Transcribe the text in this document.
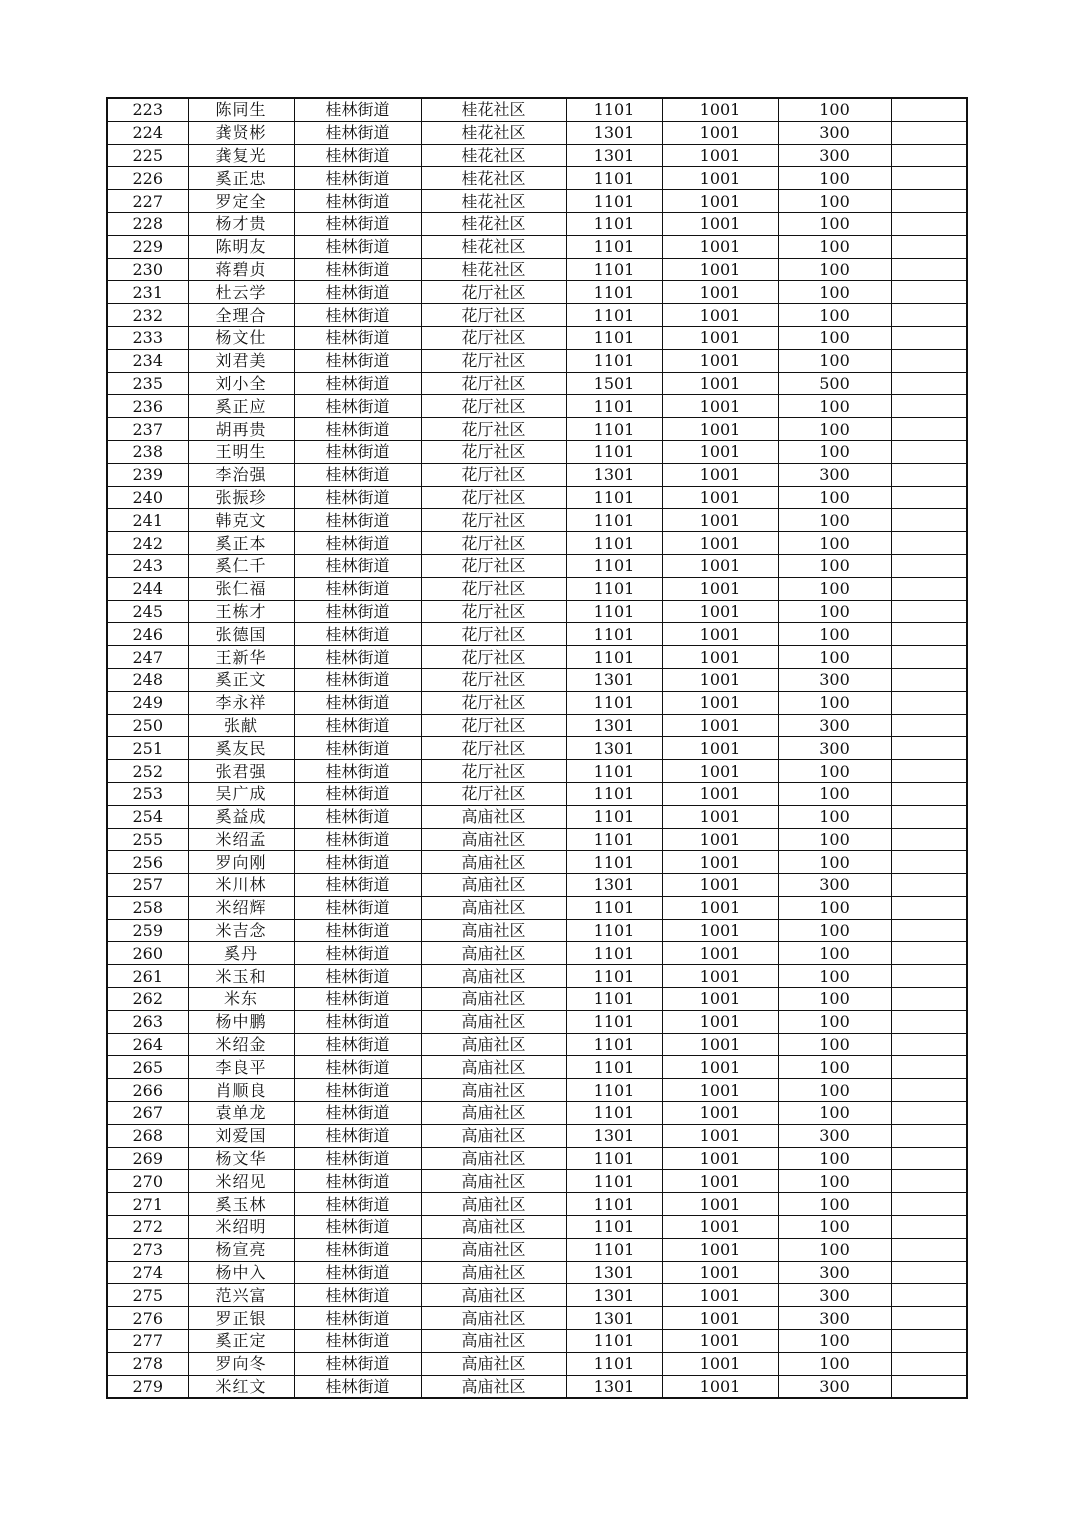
223	陈同生	桂林街道	桂花社区	1101	1001	100	
224	龚贤彬	桂林街道	桂花社区	1301	1001	300	
225	龚复光	桂林街道	桂花社区	1301	1001	300	
226	奚正忠	桂林街道	桂花社区	1101	1001	100	
227	罗定全	桂林街道	桂花社区	1101	1001	100	
228	杨才贵	桂林街道	桂花社区	1101	1001	100	
229	陈明友	桂林街道	桂花社区	1101	1001	100	
230	蒋碧贞	桂林街道	桂花社区	1101	1001	100	
231	杜云学	桂林街道	花厅社区	1101	1001	100	
232	全理合	桂林街道	花厅社区	1101	1001	100	
233	杨文仕	桂林街道	花厅社区	1101	1001	100	
234	刘君美	桂林街道	花厅社区	1101	1001	100	
235	刘小全	桂林街道	花厅社区	1501	1001	500	
236	奚正应	桂林街道	花厅社区	1101	1001	100	
237	胡再贵	桂林街道	花厅社区	1101	1001	100	
238	王明生	桂林街道	花厅社区	1101	1001	100	
239	李治强	桂林街道	花厅社区	1301	1001	300	
240	张振珍	桂林街道	花厅社区	1101	1001	100	
241	韩克文	桂林街道	花厅社区	1101	1001	100	
242	奚正本	桂林街道	花厅社区	1101	1001	100	
243	奚仁千	桂林街道	花厅社区	1101	1001	100	
244	张仁福	桂林街道	花厅社区	1101	1001	100	
245	王栋才	桂林街道	花厅社区	1101	1001	100	
246	张德国	桂林街道	花厅社区	1101	1001	100	
247	王新华	桂林街道	花厅社区	1101	1001	100	
248	奚正文	桂林街道	花厅社区	1301	1001	300	
249	李永祥	桂林街道	花厅社区	1101	1001	100	
250	张献	桂林街道	花厅社区	1301	1001	300	
251	奚友民	桂林街道	花厅社区	1301	1001	300	
252	张君强	桂林街道	花厅社区	1101	1001	100	
253	吴广成	桂林街道	花厅社区	1101	1001	100	
254	奚益成	桂林街道	高庙社区	1101	1001	100	
255	米绍孟	桂林街道	高庙社区	1101	1001	100	
256	罗向刚	桂林街道	高庙社区	1101	1001	100	
257	米川林	桂林街道	高庙社区	1301	1001	300	
258	米绍辉	桂林街道	高庙社区	1101	1001	100	
259	米吉念	桂林街道	高庙社区	1101	1001	100	
260	奚丹	桂林街道	高庙社区	1101	1001	100	
261	米玉和	桂林街道	高庙社区	1101	1001	100	
262	米东	桂林街道	高庙社区	1101	1001	100	
263	杨中鹏	桂林街道	高庙社区	1101	1001	100	
264	米绍金	桂林街道	高庙社区	1101	1001	100	
265	李良平	桂林街道	高庙社区	1101	1001	100	
266	肖顺良	桂林街道	高庙社区	1101	1001	100	
267	袁单龙	桂林街道	高庙社区	1101	1001	100	
268	刘爱国	桂林街道	高庙社区	1301	1001	300	
269	杨文华	桂林街道	高庙社区	1101	1001	100	
270	米绍见	桂林街道	高庙社区	1101	1001	100	
271	奚玉林	桂林街道	高庙社区	1101	1001	100	
272	米绍明	桂林街道	高庙社区	1101	1001	100	
273	杨宣亮	桂林街道	高庙社区	1101	1001	100	
274	杨中入	桂林街道	高庙社区	1301	1001	300	
275	范兴富	桂林街道	高庙社区	1301	1001	300	
276	罗正银	桂林街道	高庙社区	1301	1001	300	
277	奚正定	桂林街道	高庙社区	1101	1001	100	
278	罗向冬	桂林街道	高庙社区	1101	1001	100	
279	米红文	桂林街道	高庙社区	1301	1001	300	
